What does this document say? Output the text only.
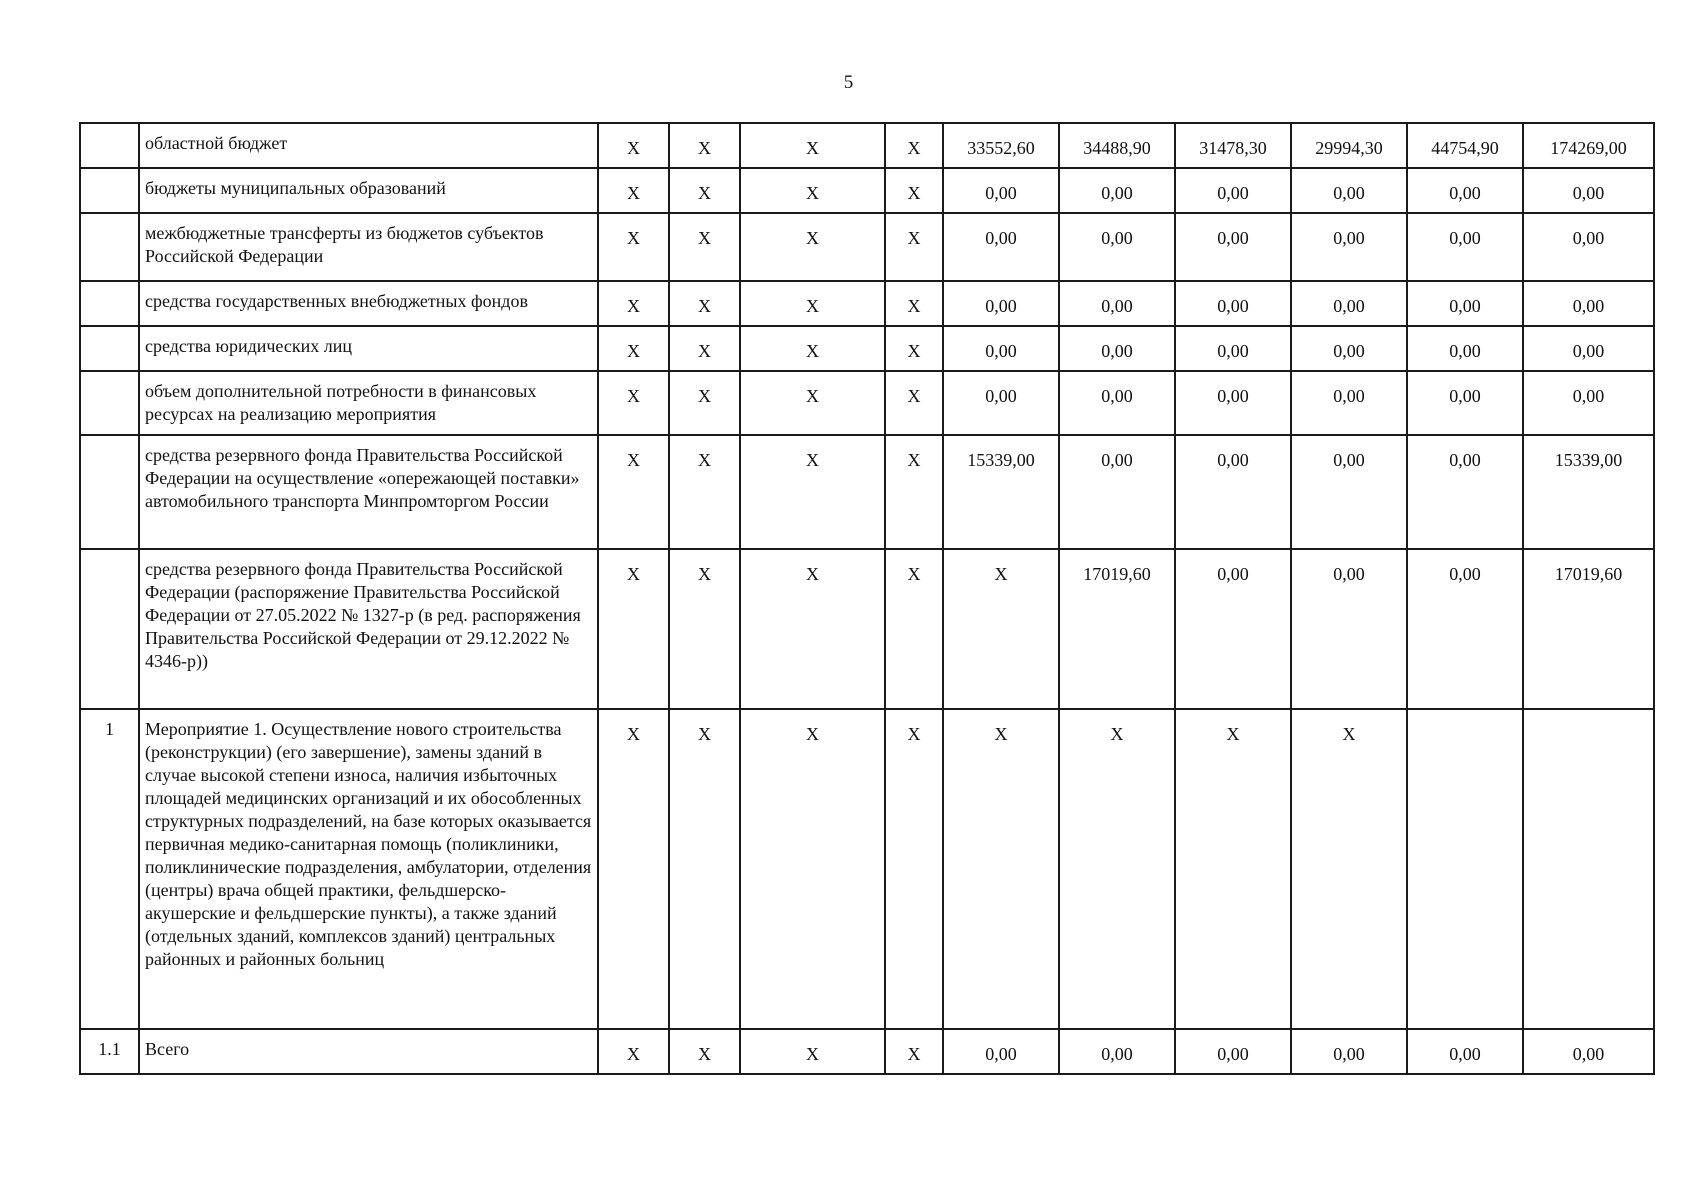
5
	областной бюджет	X	X	X	X	33552,60	34488,90	31478,30	29994,30	44754,90	174269,00
	бюджеты муниципальных образований	X	X	X	X	0,00	0,00	0,00	0,00	0,00	0,00
	межбюджетные трансферты из бюджетов субъектов Российской Федерации	X	X	X	X	0,00	0,00	0,00	0,00	0,00	0,00
	средства государственных внебюджетных фондов	X	X	X	X	0,00	0,00	0,00	0,00	0,00	0,00
	средства юридических лиц	X	X	X	X	0,00	0,00	0,00	0,00	0,00	0,00
	объем дополнительной потребности в финансовых ресурсах на реализацию мероприятия	X	X	X	X	0,00	0,00	0,00	0,00	0,00	0,00
	средства резервного фонда Правительства Российской Федерации на осуществление «опережающей поставки» автомобильного транспорта Минпромторгом России	X	X	X	X	15339,00	0,00	0,00	0,00	0,00	15339,00
	средства резервного фонда Правительства Российской Федерации (распоряжение Правительства Российской Федерации от 27.05.2022 № 1327-р (в ред. распоряжения Правительства Российской Федерации от 29.12.2022 № 4346-р))	X	X	X	X	X	17019,60	0,00	0,00	0,00	17019,60
1	Мероприятие 1. Осуществление нового строительства (реконструкции) (его завершение), замены зданий в случае высокой степени износа, наличия избыточных площадей медицинских организаций и их обособленных структурных подразделений, на базе которых оказывается первичная медико-санитарная помощь (поликлиники, поликлинические подразделения, амбулатории, отделения (центры) врача общей практики, фельдшерско-акушерские и фельдшерские пункты), а также зданий (отдельных зданий, комплексов зданий) центральных районных и районных больниц	X	X	X	X	X	X	X	X		
1.1	Всего	X	X	X	X	0,00	0,00	0,00	0,00	0,00	0,00
